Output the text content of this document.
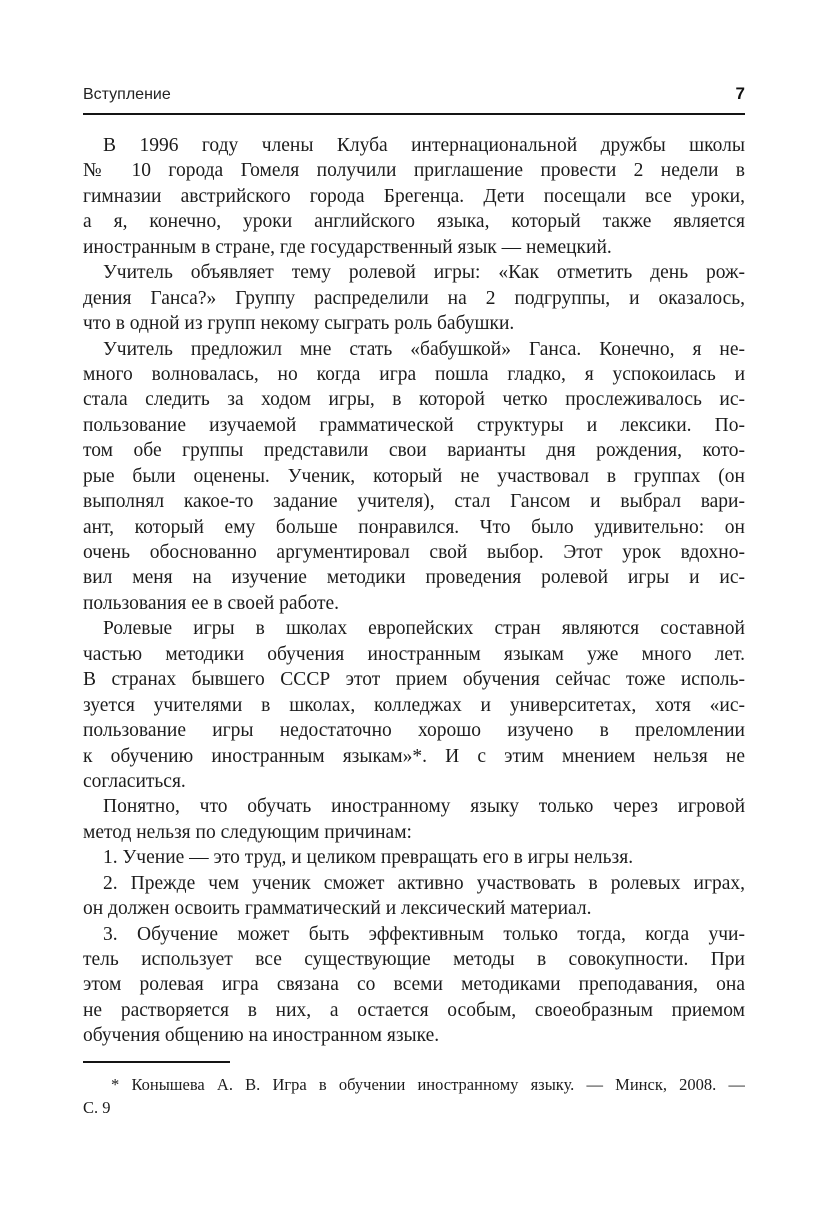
Вступление	7
В 1996 году члены Клуба интернациональной дружбы школы
№ 10 города Гомеля получили приглашение провести 2 недели в
гимназии австрийского города Брегенца. Дети посещали все уроки,
а я, конечно, уроки английского языка, который также является
иностранным в стране, где государственный язык — немецкий.
Учитель объявляет тему ролевой игры: «Как отметить день рож-
дения Ганса?» Группу распределили на 2 подгруппы, и оказалось,
что в одной из групп некому сыграть роль бабушки.
Учитель предложил мне стать «бабушкой» Ганса. Конечно, я не-
много волновалась, но когда игра пошла гладко, я успокоилась и
стала следить за ходом игры, в которой четко прослеживалось ис-
пользование изучаемой грамматической структуры и лексики. По-
том обе группы представили свои варианты дня рождения, кото-
рые были оценены. Ученик, который не участвовал в группах (он
выполнял какое-то задание учителя), стал Гансом и выбрал вари-
ант, который ему больше понравился. Что было удивительно: он
очень обоснованно аргументировал свой выбор. Этот урок вдохно-
вил меня на изучение методики проведения ролевой игры и ис-
пользования ее в своей работе.
Ролевые игры в школах европейских стран являются составной
частью методики обучения иностранным языкам уже много лет.
В странах бывшего СССР этот прием обучения сейчас тоже исполь-
зуется учителями в школах, колледжах и университетах, хотя «ис-
пользование игры недостаточно хорошо изучено в преломлении
к обучению иностранным языкам»*. И с этим мнением нельзя не
согласиться.
Понятно, что обучать иностранному языку только через игровой
метод нельзя по следующим причинам:
1. Учение — это труд, и целиком превращать его в игры нельзя.
2. Прежде чем ученик сможет активно участвовать в ролевых играх,
он должен освоить грамматический и лексический материал.
3. Обучение может быть эффективным только тогда, когда учи-
тель использует все существующие методы в совокупности. При
этом ролевая игра связана со всеми методиками преподавания, она
не растворяется в них, а остается особым, своеобразным приемом
обучения общению на иностранном языке.
* Конышева А. В. Игра в обучении иностранному языку. — Минск, 2008. —
С. 9
